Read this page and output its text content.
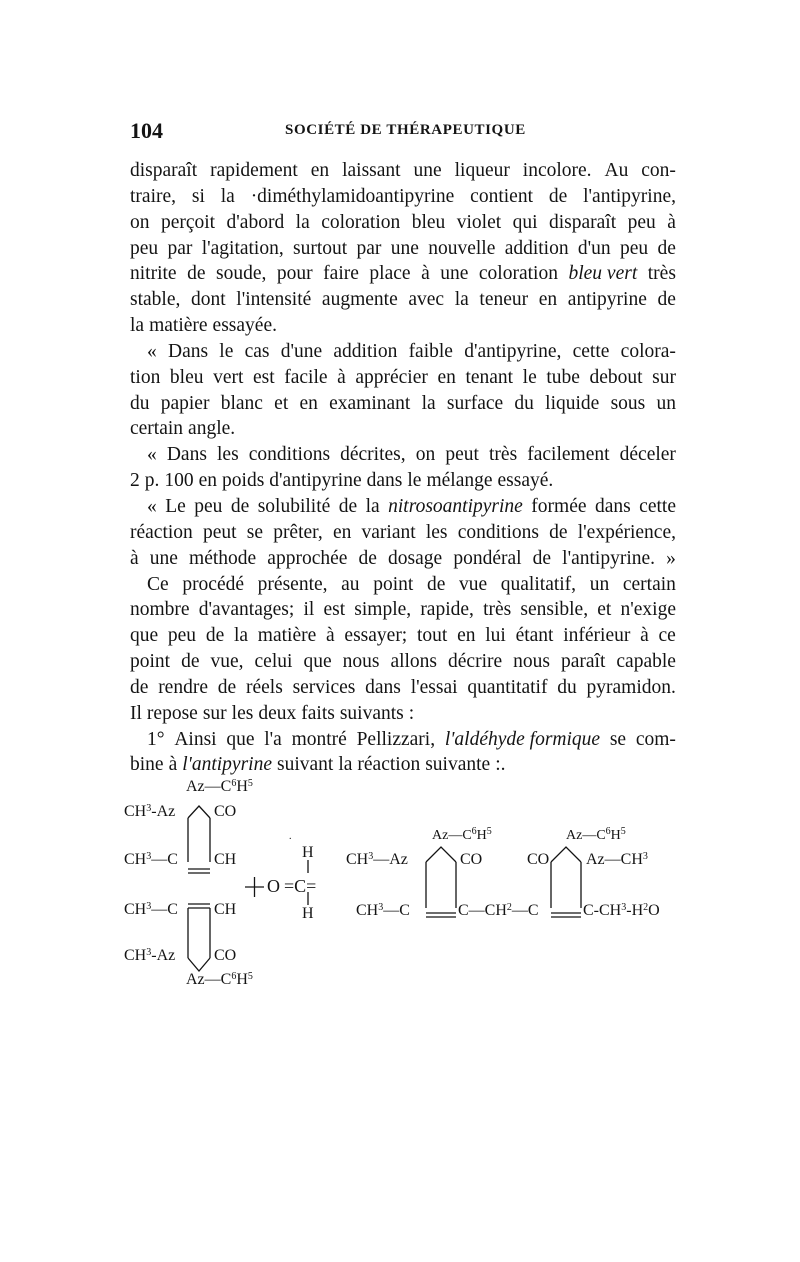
104	SOCIÉTÉ DE THÉRAPEUTIQUE
disparaît rapidement en laissant une liqueur incolore. Au con-
traire, si la ·diméthylamidoantipyrine contient de l'antipyrine,
on perçoit d'abord la coloration bleu violet qui disparaît peu à
peu par l'agitation, surtout par une nouvelle addition d'un peu de
nitrite de soude, pour faire place à une coloration bleu vert très
stable, dont l'intensité augmente avec la teneur en antipyrine de
la matière essayée.
« Dans le cas d'une addition faible d'antipyrine, cette colora-
tion bleu vert est facile à apprécier en tenant le tube debout sur
du papier blanc et en examinant la surface du liquide sous un
certain angle.
« Dans les conditions décrites, on peut très facilement déceler
2 p. 100 en poids d'antipyrine dans le mélange essayé.
« Le peu de solubilité de la nitrosoantipyrine formée dans cette
réaction peut se prêter, en variant les conditions de l'expérience,
à une méthode approchée de dosage pondéral de l'antipyrine. »
Ce procédé présente, au point de vue qualitatif, un certain
nombre d'avantages; il est simple, rapide, très sensible, et n'exige
que peu de la matière à essayer; tout en lui étant inférieur à ce
point de vue, celui que nous allons décrire nous paraît capable
de rendre de réels services dans l'essai quantitatif du pyramidon.
Il repose sur les deux faits suivants :
1° Ainsi que l'a montré Pellizzari, l'aldéhyde formique se com-
bine à l'antipyrine suivant la réaction suivante :.
$Az—C^6H^5$
$CH^3-Az$ CO
$CH^3—C$ CH
$CH^3—C$ CH
$CH^3-Az$ CO
$Az—C^6H^5$
.
H
O =C=
H
$Az—C^6H^5$	$Az—C^6H^5$
$CH^3—Az$	CO	CO $Az—CH^3$
$CH^3—C$	$C—CH^2—C$	$C-CH^3-H^2O$
